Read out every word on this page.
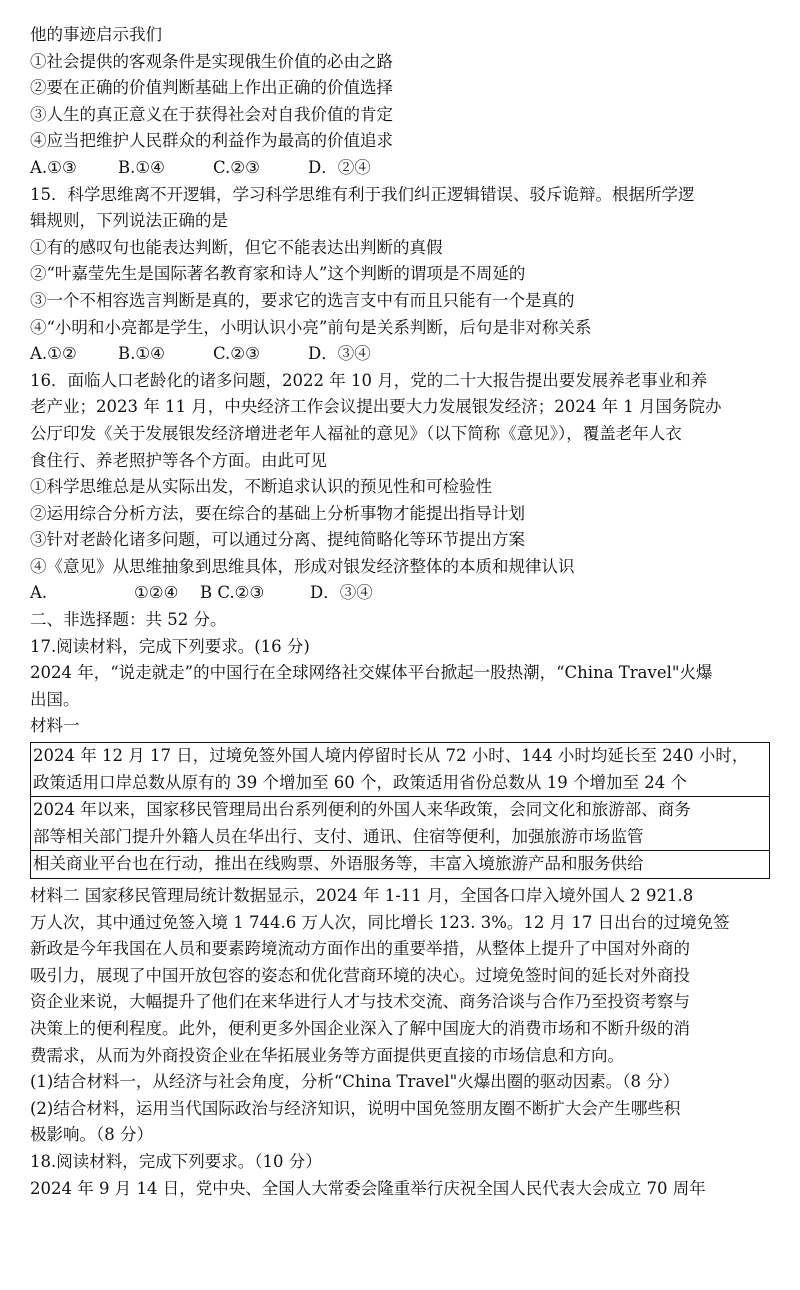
他的事迹启示我们
①社会提供的客观条件是实现俄生价值的必由之路
②要在正确的价值判断基础上作出正确的价值选择
③人生的真正意义在于获得社会对自我价值的肯定
④应当把维护人民群众的利益作为最高的价值追求
A.①③	B.①④	C.②③	D．②④
15．科学思维离不开逻辑，学习科学思维有利于我们纠正逻辑错误、驳斥诡辩。根据所学逻
辑规则，下列说法正确的是
①有的感叹句也能表达判断，但它不能表达出判断的真假
②“叶嘉莹先生是国际著名教育家和诗人”这个判断的谓项是不周延的
③一个不相容选言判断是真的，要求它的选言支中有而且只能有一个是真的
④“小明和小亮都是学生，小明认识小亮”前句是关系判断，后句是非对称关系
A.①②	B.①④	C.②③	D．③④
16．面临人口老龄化的诸多问题，2022 年 10 月，党的二十大报告提出要发展养老事业和养
老产业；2023 年 11 月，中央经济工作会议提出要大力发展银发经济；2024 年 1 月国务院办
公厅印发《关于发展银发经济增进老年人福祉的意见》（以下简称《意见》），覆盖老年人衣
食住行、养老照护等各个方面。由此可见
①科学思维总是从实际出发，不断追求认识的预见性和可检验性
②运用综合分析方法，要在综合的基础上分析事物才能提出指导计划
③针对老龄化诸多问题，可以通过分离、提纯简略化等环节提出方案
④《意见》从思维抽象到思维具体，形成对银发经济整体的本质和规律认识
A.	①②④ B C.②③	D．③④
二、非选择题：共 52 分。
17.阅读材料，完成下列要求。(16 分)
2024 年，“说走就走”的中国行在全球网络社交媒体平台掀起一股热潮，“China Travel"火爆
出国。
材料一
2024 年 12 月 17 日，过境免签外国人境内停留时长从 72 小时、144 小时均延长至 240 小时，
政策适用口岸总数从原有的 39 个增加至 60 个，政策适用省份总数从 19 个增加至 24 个
2024 年以来，国家移民管理局出台系列便利的外国人来华政策，会同文化和旅游部、商务
部等相关部门提升外籍人员在华出行、支付、通讯、住宿等便利，加强旅游市场监管
相关商业平台也在行动，推出在线购票、外语服务等，丰富入境旅游产品和服务供给
材料二 国家移民管理局统计数据显示，2024 年 1-11 月，全国各口岸入境外国人 2 921.8
万人次，其中通过免签入境 1 744.6 万人次，同比增长 123. 3%。12 月 17 日出台的过境免签
新政是今年我国在人员和要素跨境流动方面作出的重要举措，从整体上提升了中国对外商的
吸引力，展现了中国开放包容的姿态和优化营商环境的决心。过境免签时间的延长对外商投
资企业来说，大幅提升了他们在来华进行人才与技术交流、商务洽谈与合作乃至投资考察与
决策上的便利程度。此外，便利更多外国企业深入了解中国庞大的消费市场和不断升级的消
费需求，从而为外商投资企业在华拓展业务等方面提供更直接的市场信息和方向。
(1)结合材料一，从经济与社会角度，分析“China Travel"火爆出圈的驱动因素。（8 分）
(2)结合材料，运用当代国际政治与经济知识，说明中国免签朋友圈不断扩大会产生哪些积
极影响。（8 分）
18.阅读材料，完成下列要求。（10 分）
2024 年 9 月 14 日，党中央、全国人大常委会隆重举行庆祝全国人民代表大会成立 70 周年
